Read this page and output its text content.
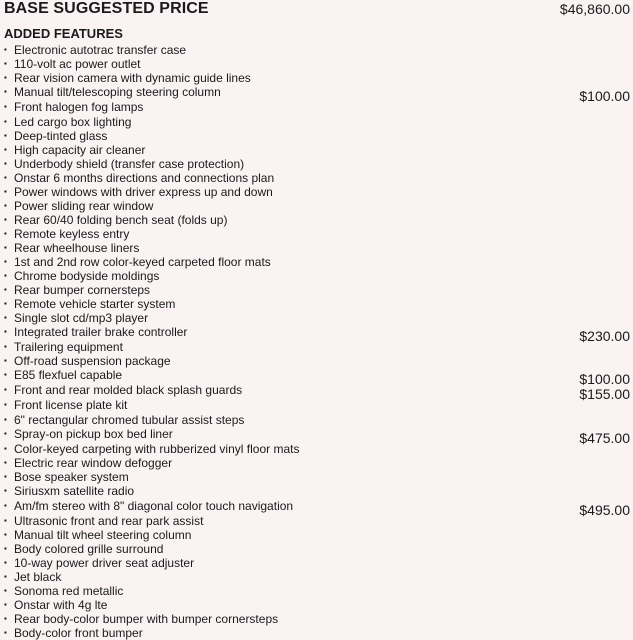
BASE SUGGESTED PRICE	$46,860.00
ADDED FEATURES
▪ Electronic autotrac transfer case
▪ 110-volt ac power outlet
▪ Rear vision camera with dynamic guide lines
▪ Manual tilt/telescoping steering column	$100.00
▪ Front halogen fog lamps
▪ Led cargo box lighting
▪ Deep-tinted glass
▪ High capacity air cleaner
▪ Underbody shield (transfer case protection)
▪ Onstar 6 months directions and connections plan
▪ Power windows with driver express up and down
▪ Power sliding rear window
▪ Rear 60/40 folding bench seat (folds up)
▪ Remote keyless entry
▪ Rear wheelhouse liners
▪ 1st and 2nd row color-keyed carpeted floor mats
▪ Chrome bodyside moldings
▪ Rear bumper cornersteps
▪ Remote vehicle starter system
▪ Single slot cd/mp3 player
▪ Integrated trailer brake controller	$230.00
▪ Trailering equipment
▪ Off-road suspension package
▪ E85 flexfuel capable	$100.00
▪ Front and rear molded black splash guards	$155.00
▪ Front license plate kit
▪ 6" rectangular chromed tubular assist steps
▪ Spray-on pickup box bed liner	$475.00
▪ Color-keyed carpeting with rubberized vinyl floor mats
▪ Electric rear window defogger
▪ Bose speaker system
▪ Siriusxm satellite radio
▪ Am/fm stereo with 8" diagonal color touch navigation	$495.00
▪ Ultrasonic front and rear park assist
▪ Manual tilt wheel steering column
▪ Body colored grille surround
▪ 10-way power driver seat adjuster
▪ Jet black
▪ Sonoma red metallic
▪ Onstar with 4g lte
▪ Rear body-color bumper with bumper cornersteps
▪ Body-color front bumper
